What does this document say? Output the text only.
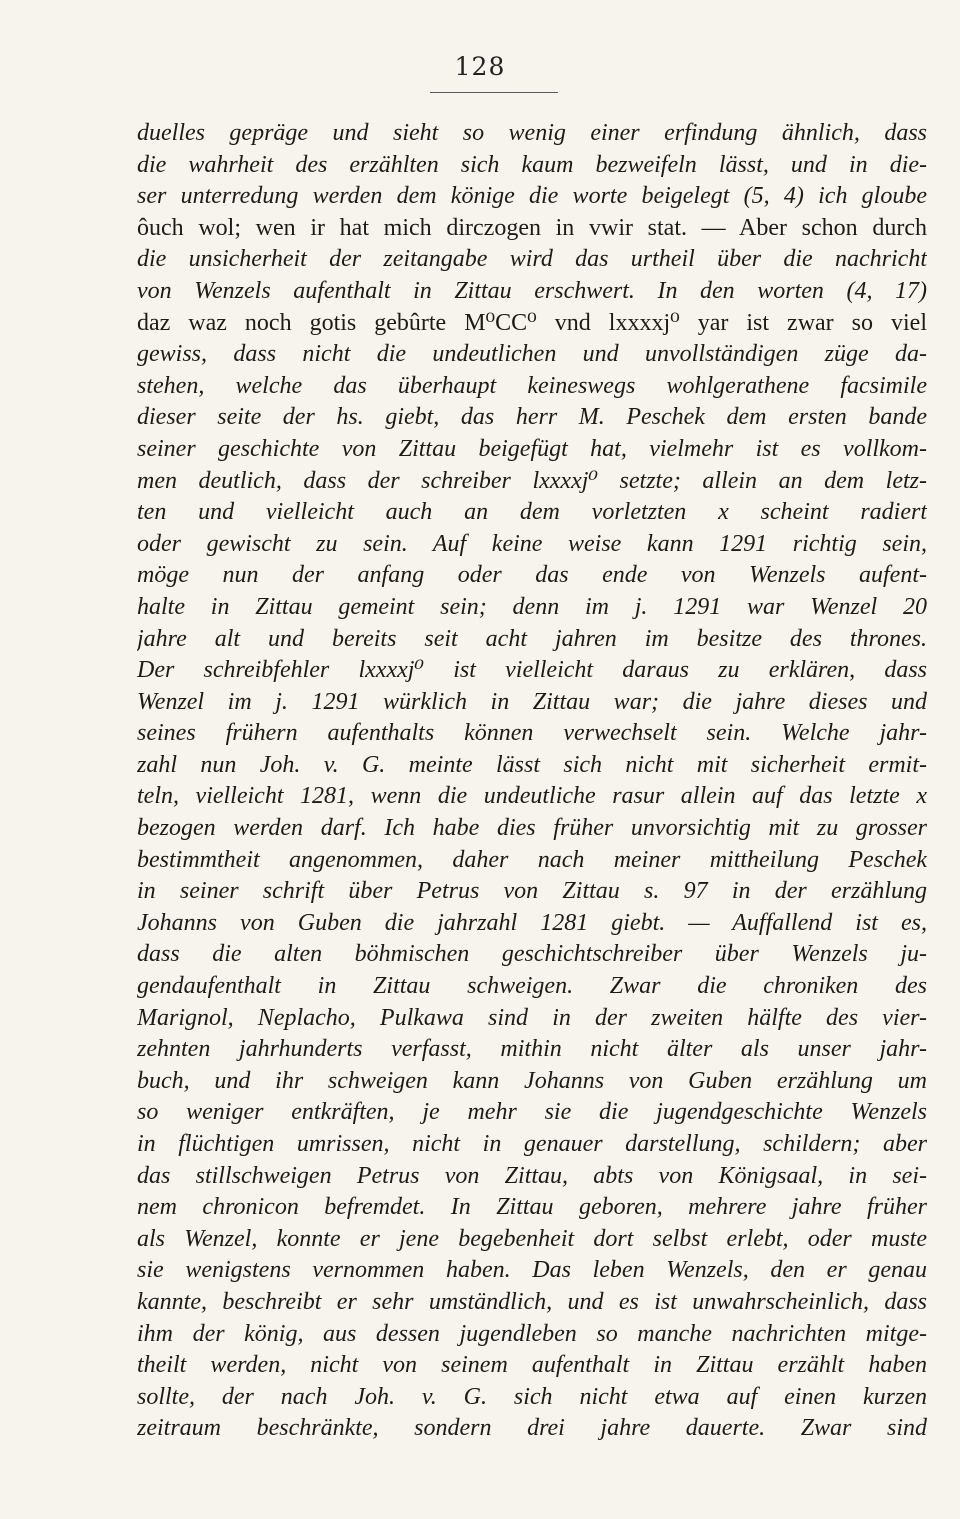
128
duelles gepräge und sieht so wenig einer erfindung ähnlich, dass
die wahrheit des erzählten sich kaum bezweifeln lässt, und in die-
ser unterredung werden dem könige die worte beigelegt (5, 4) ich gloube
ôuch wol; wen ir hat mich dirczogen in vwir stat. — Aber schon durch
die unsicherheit der zeitangabe wird das urtheil über die nachricht
von Wenzels aufenthalt in Zittau erschwert. In den worten (4, 17)
daz waz noch gotis gebûrte M⁰CC⁰ vnd lxxxxj⁰ yar ist zwar so viel
gewiss, dass nicht die undeutlichen und unvollständigen züge da-
stehen, welche das überhaupt keineswegs wohlgerathene facsimile
dieser seite der hs. giebt, das herr M. Peschek dem ersten bande
seiner geschichte von Zittau beigefügt hat, vielmehr ist es vollkom-
men deutlich, dass der schreiber lxxxxj⁰ setzte; allein an dem letz-
ten und vielleicht auch an dem vorletzten x scheint radiert
oder gewischt zu sein. Auf keine weise kann 1291 richtig sein,
möge nun der anfang oder das ende von Wenzels aufent-
halte in Zittau gemeint sein; denn im j. 1291 war Wenzel 20
jahre alt und bereits seit acht jahren im besitze des thrones.
Der schreibfehler lxxxxj⁰ ist vielleicht daraus zu erklären, dass
Wenzel im j. 1291 würklich in Zittau war; die jahre dieses und
seines frühern aufenthalts können verwechselt sein. Welche jahr-
zahl nun Joh. v. G. meinte lässt sich nicht mit sicherheit ermit-
teln, vielleicht 1281, wenn die undeutliche rasur allein auf das letzte x
bezogen werden darf. Ich habe dies früher unvorsichtig mit zu grosser
bestimmtheit angenommen, daher nach meiner mittheilung Peschek
in seiner schrift über Petrus von Zittau s. 97 in der erzählung
Johanns von Guben die jahrzahl 1281 giebt. — Auffallend ist es,
dass die alten böhmischen geschichtschreiber über Wenzels ju-
gendaufenthalt in Zittau schweigen. Zwar die chroniken des
Marignol, Neplacho, Pulkawa sind in der zweiten hälfte des vier-
zehnten jahrhunderts verfasst, mithin nicht älter als unser jahr-
buch, und ihr schweigen kann Johanns von Guben erzählung um
so weniger entkräften, je mehr sie die jugendgeschichte Wenzels
in flüchtigen umrissen, nicht in genauer darstellung, schildern; aber
das stillschweigen Petrus von Zittau, abts von Königsaal, in sei-
nem chronicon befremdet. In Zittau geboren, mehrere jahre früher
als Wenzel, konnte er jene begebenheit dort selbst erlebt, oder muste
sie wenigstens vernommen haben. Das leben Wenzels, den er genau
kannte, beschreibt er sehr umständlich, und es ist unwahrscheinlich, dass
ihm der könig, aus dessen jugendleben so manche nachrichten mitge-
theilt werden, nicht von seinem aufenthalt in Zittau erzählt haben
sollte, der nach Joh. v. G. sich nicht etwa auf einen kurzen
zeitraum beschränkte, sondern drei jahre dauerte. Zwar sind
